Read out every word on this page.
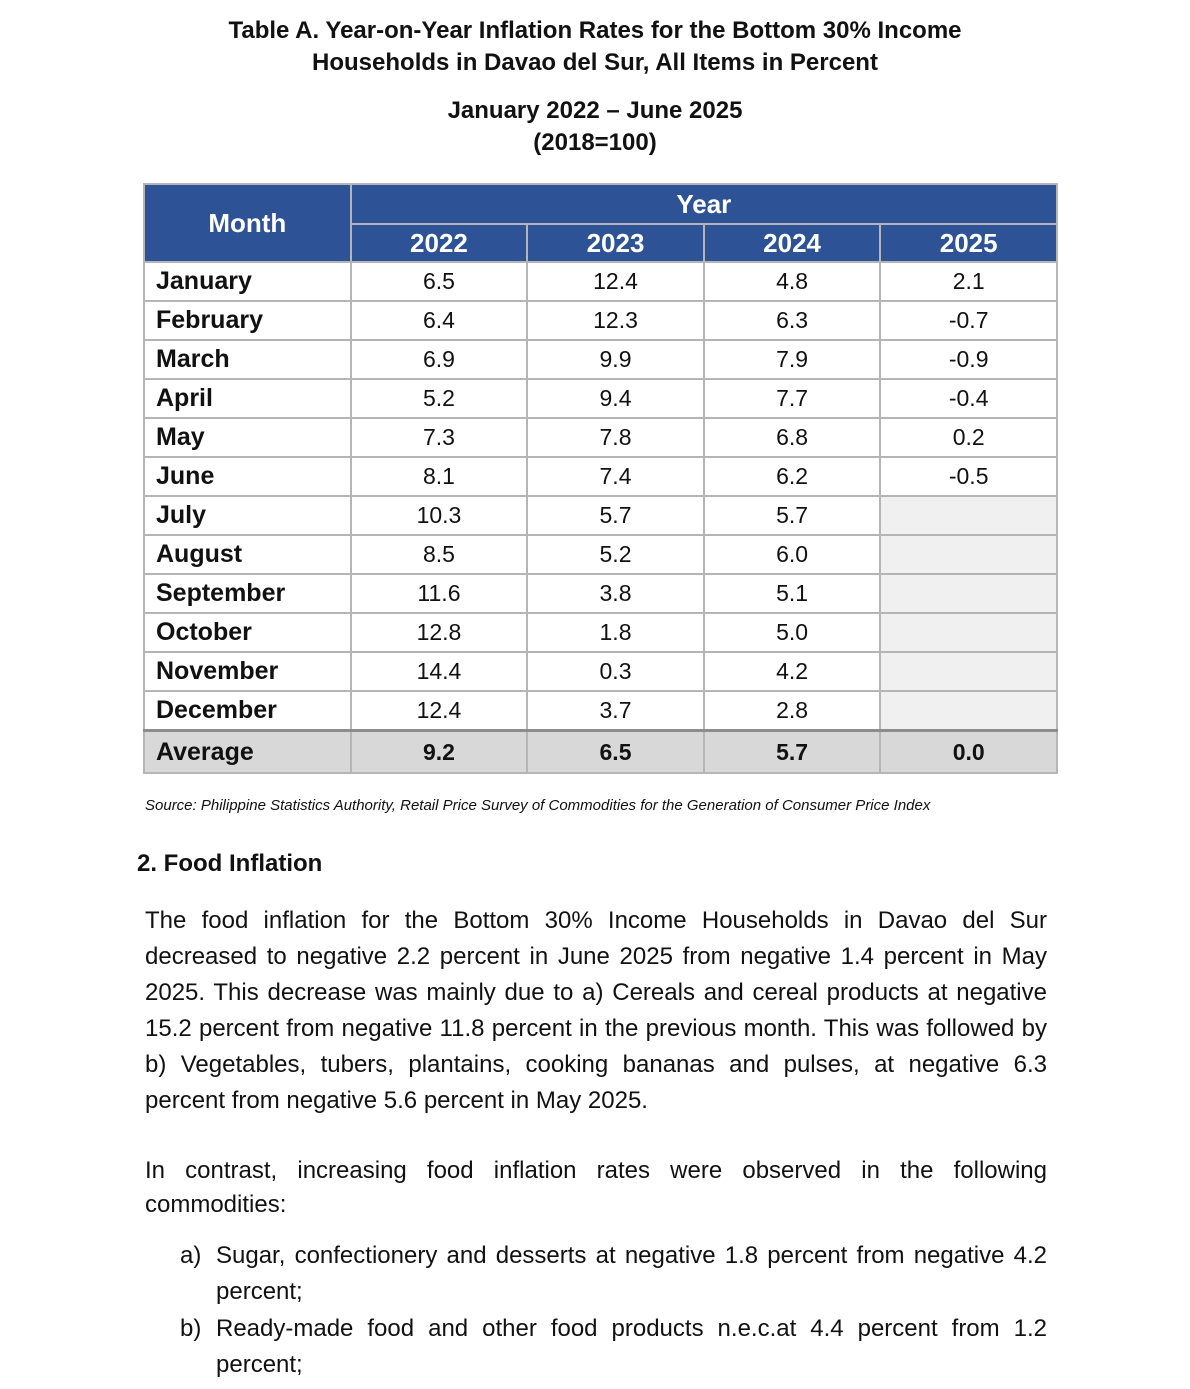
Table A. Year-on-Year Inflation Rates for the Bottom 30% Income
Households in Davao del Sur, All Items in Percent
January 2022 – June 2025
(2018=100)
Month	Year			
	2022	2023	2024	2025
January	6.5	12.4	4.8	2.1
February	6.4	12.3	6.3	-0.7
March	6.9	9.9	7.9	-0.9
April	5.2	9.4	7.7	-0.4
May	7.3	7.8	6.8	0.2
June	8.1	7.4	6.2	-0.5
July	10.3	5.7	5.7	
August	8.5	5.2	6.0	
September	11.6	3.8	5.1	
October	12.8	1.8	5.0	
November	14.4	0.3	4.2	
December	12.4	3.7	2.8	
Average	9.2	6.5	5.7	0.0
Source: Philippine Statistics Authority, Retail Price Survey of Commodities for the Generation of Consumer Price Index
2. Food Inflation
The food inflation for the Bottom 30% Income Households in Davao del Sur decreased to negative 2.2 percent in June 2025 from negative 1.4 percent in May 2025. This decrease was mainly due to a) Cereals and cereal products at negative 15.2 percent from negative 11.8 percent in the previous month. This was followed by b) Vegetables, tubers, plantains, cooking bananas and pulses, at negative 6.3 percent from negative 5.6 percent in May 2025.
In contrast, increasing food inflation rates were observed in the following commodities:
a) Sugar, confectionery and desserts at negative 1.8 percent from negative 4.2 percent;
b) Ready-made food and other food products n.e.c.at 4.4 percent from 1.2 percent;
